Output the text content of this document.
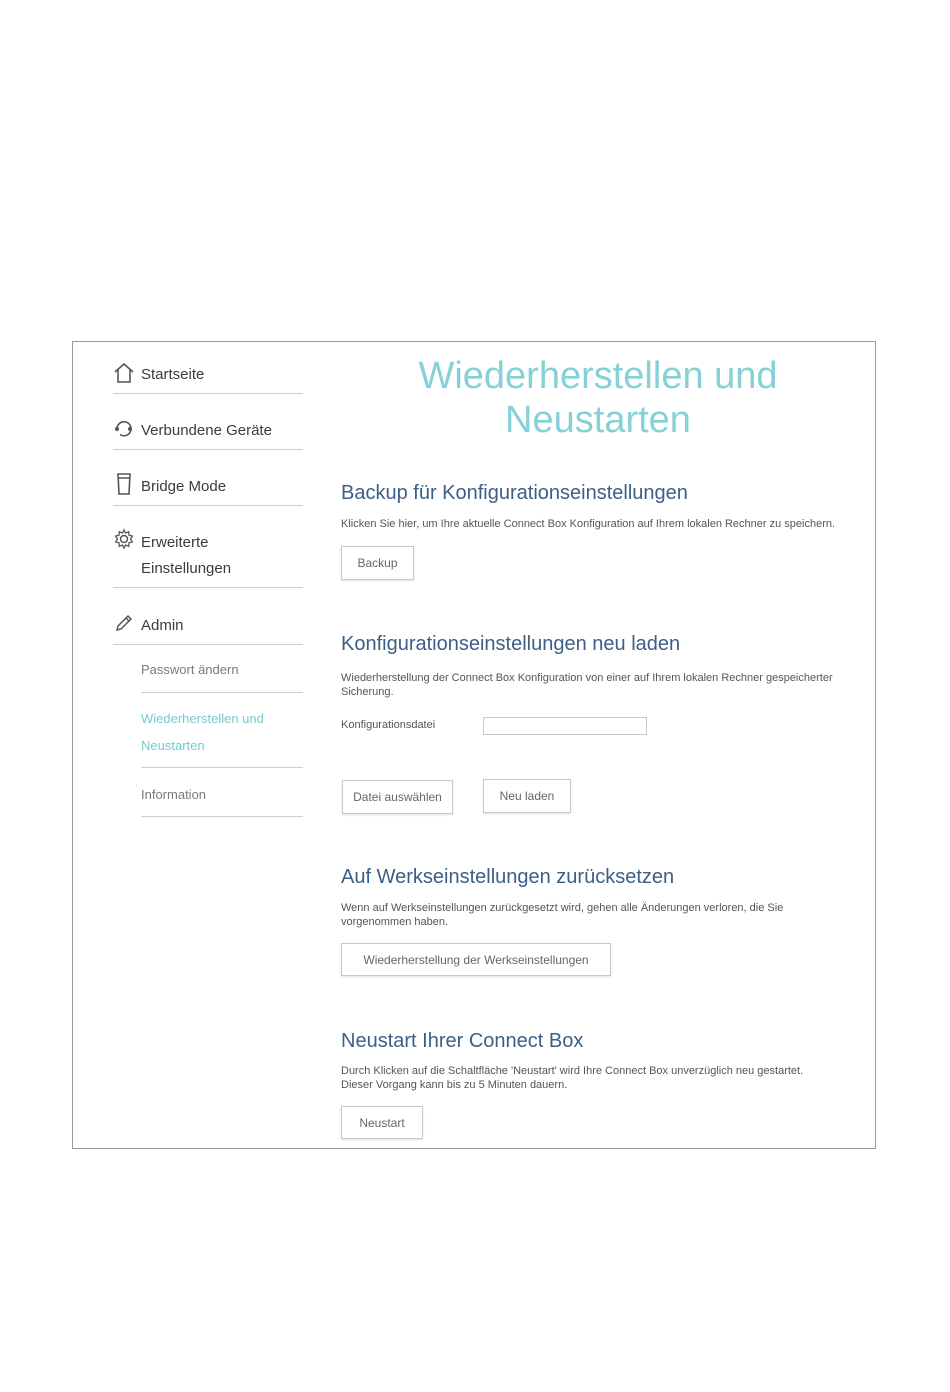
Startseite
Verbundene Geräte
Bridge Mode
Erweiterte
Einstellungen
Admin
Passwort ändern
Wiederherstellen und
Neustarten
Information
Wiederherstellen und
Neustarten
Backup für Konfigurationseinstellungen
Klicken Sie hier, um Ihre aktuelle Connect Box Konfiguration auf Ihrem lokalen Rechner zu speichern.
Backup
Konfigurationseinstellungen neu laden
Wiederherstellung der Connect Box Konfiguration von einer auf Ihrem lokalen Rechner gespeicherter Sicherung.
Konfigurationsdatei
Datei auswählen	Neu laden
Auf Werkseinstellungen zurücksetzen
Wenn auf Werkseinstellungen zurückgesetzt wird, gehen alle Änderungen verloren, die Sie vorgenommen haben.
Wiederherstellung der Werkseinstellungen
Neustart Ihrer Connect Box
Durch Klicken auf die Schaltfläche 'Neustart' wird Ihre Connect Box unverzüglich neu gestartet.
Dieser Vorgang kann bis zu 5 Minuten dauern.
Neustart
